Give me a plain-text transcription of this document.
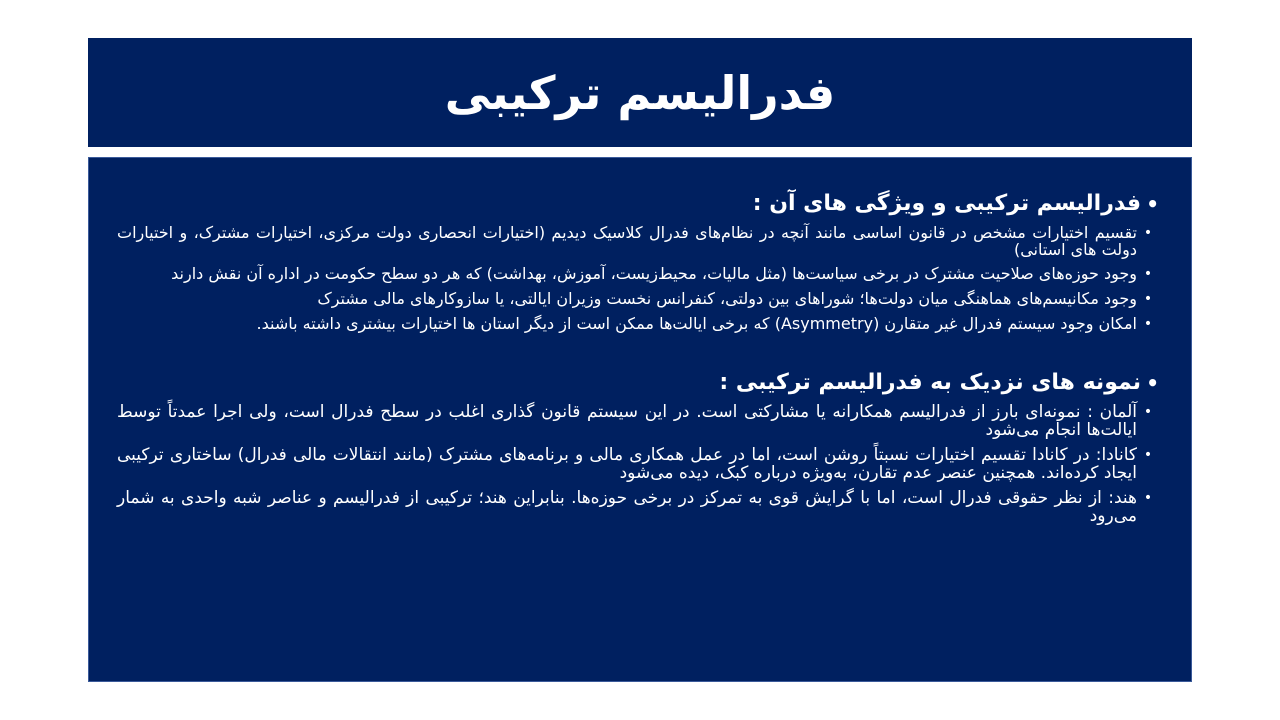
فدرالیسم ترکیبی
•
فدرالیسم ترکیبی و ویژگی های آن :
•
تقسیم اختیارات مشخص در قانون اساسی مانند آنچه در نظام‌های فدرال کلاسیک دیدیم (اختیارات انحصاری دولت مرکزی، اختیارات مشترک، و اختیارات دولت های استانی)
•
وجود حوزه‌های صلاحیت مشترک در برخی سیاست‌ها (مثل مالیات، محیط‌زیست، آموزش، بهداشت) که هر دو سطح حکومت در اداره آن نقش دارند
•
وجود مکانیسم‌های هماهنگی میان دولت‌ها؛ شوراهای بین دولتی، کنفرانس نخست وزیران ایالتی، یا سازوکارهای مالی مشترک
•
امکان وجود سیستم فدرال غیر متقارن (Asymmetry) که برخی ایالت‌ها ممکن است از دیگر استان ها اختیارات بیشتری داشته باشند.
•
نمونه های نزدیک به فدرالیسم ترکیبی :
•
آلمان : نمونه‌ای بارز از فدرالیسم همکارانه یا مشارکتی است. در این سیستم قانون گذاری اغلب در سطح فدرال است، ولی اجرا عمدتاً توسط ایالت‌ها انجام می‌شود
•
کانادا: در کانادا تقسیم اختیارات نسبتاً روشن است، اما در عمل همکاری مالی و برنامه‌های مشترک (مانند انتقالات مالی فدرال) ساختاری ترکیبی ایجاد کرده‌اند. همچنین عنصر عدم تقارن، به‌ویژه درباره کبک، دیده می‌شود
•
هند: از نظر حقوقی فدرال است، اما با گرایش قوی به تمرکز در برخی حوزه‌ها. بنابراین هند؛ ترکیبی از فدرالیسم و عناصر شبه واحدی به شمار می‌رود
